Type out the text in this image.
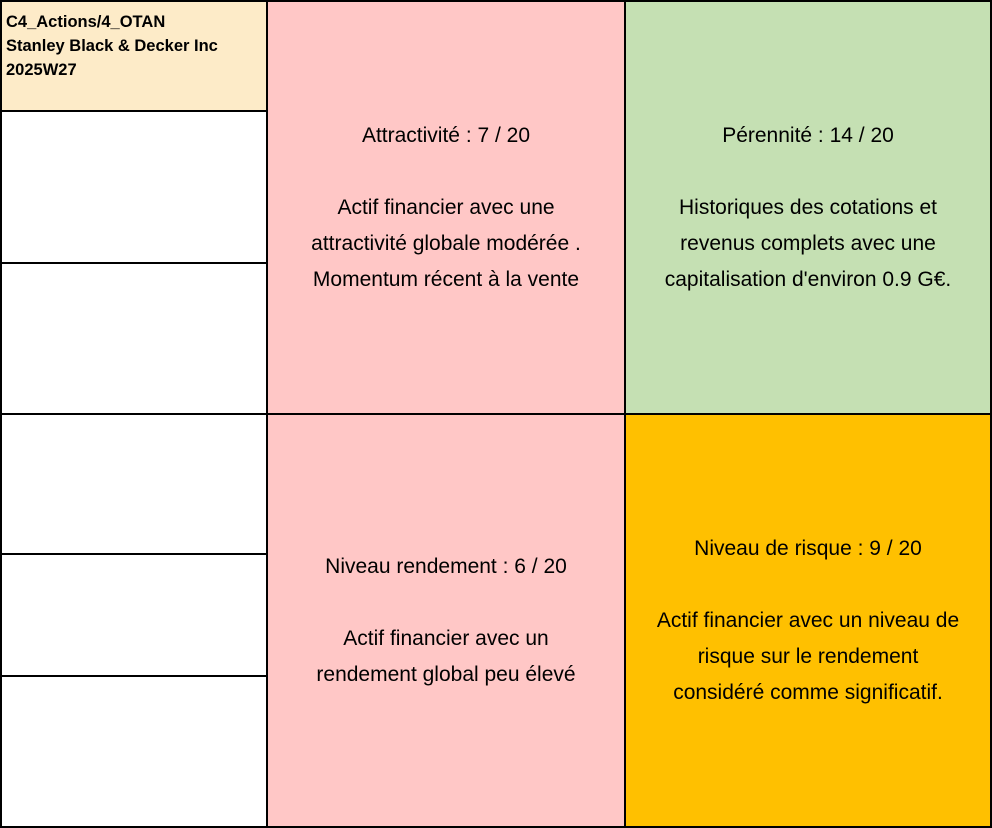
C4_Actions/4_OTAN
Stanley Black & Decker Inc
2025W27
Attractivité : 7 / 20
Actif financier avec une
attractivité globale modérée .
Momentum récent à la vente
Pérennité : 14 / 20
Historiques des cotations et
revenus complets avec une
capitalisation d'environ 0.9 G€.
Niveau rendement : 6 / 20
Actif financier avec un
rendement global peu élevé
Niveau de risque : 9 / 20
Actif financier avec un niveau de
risque sur le rendement
considéré comme significatif.
